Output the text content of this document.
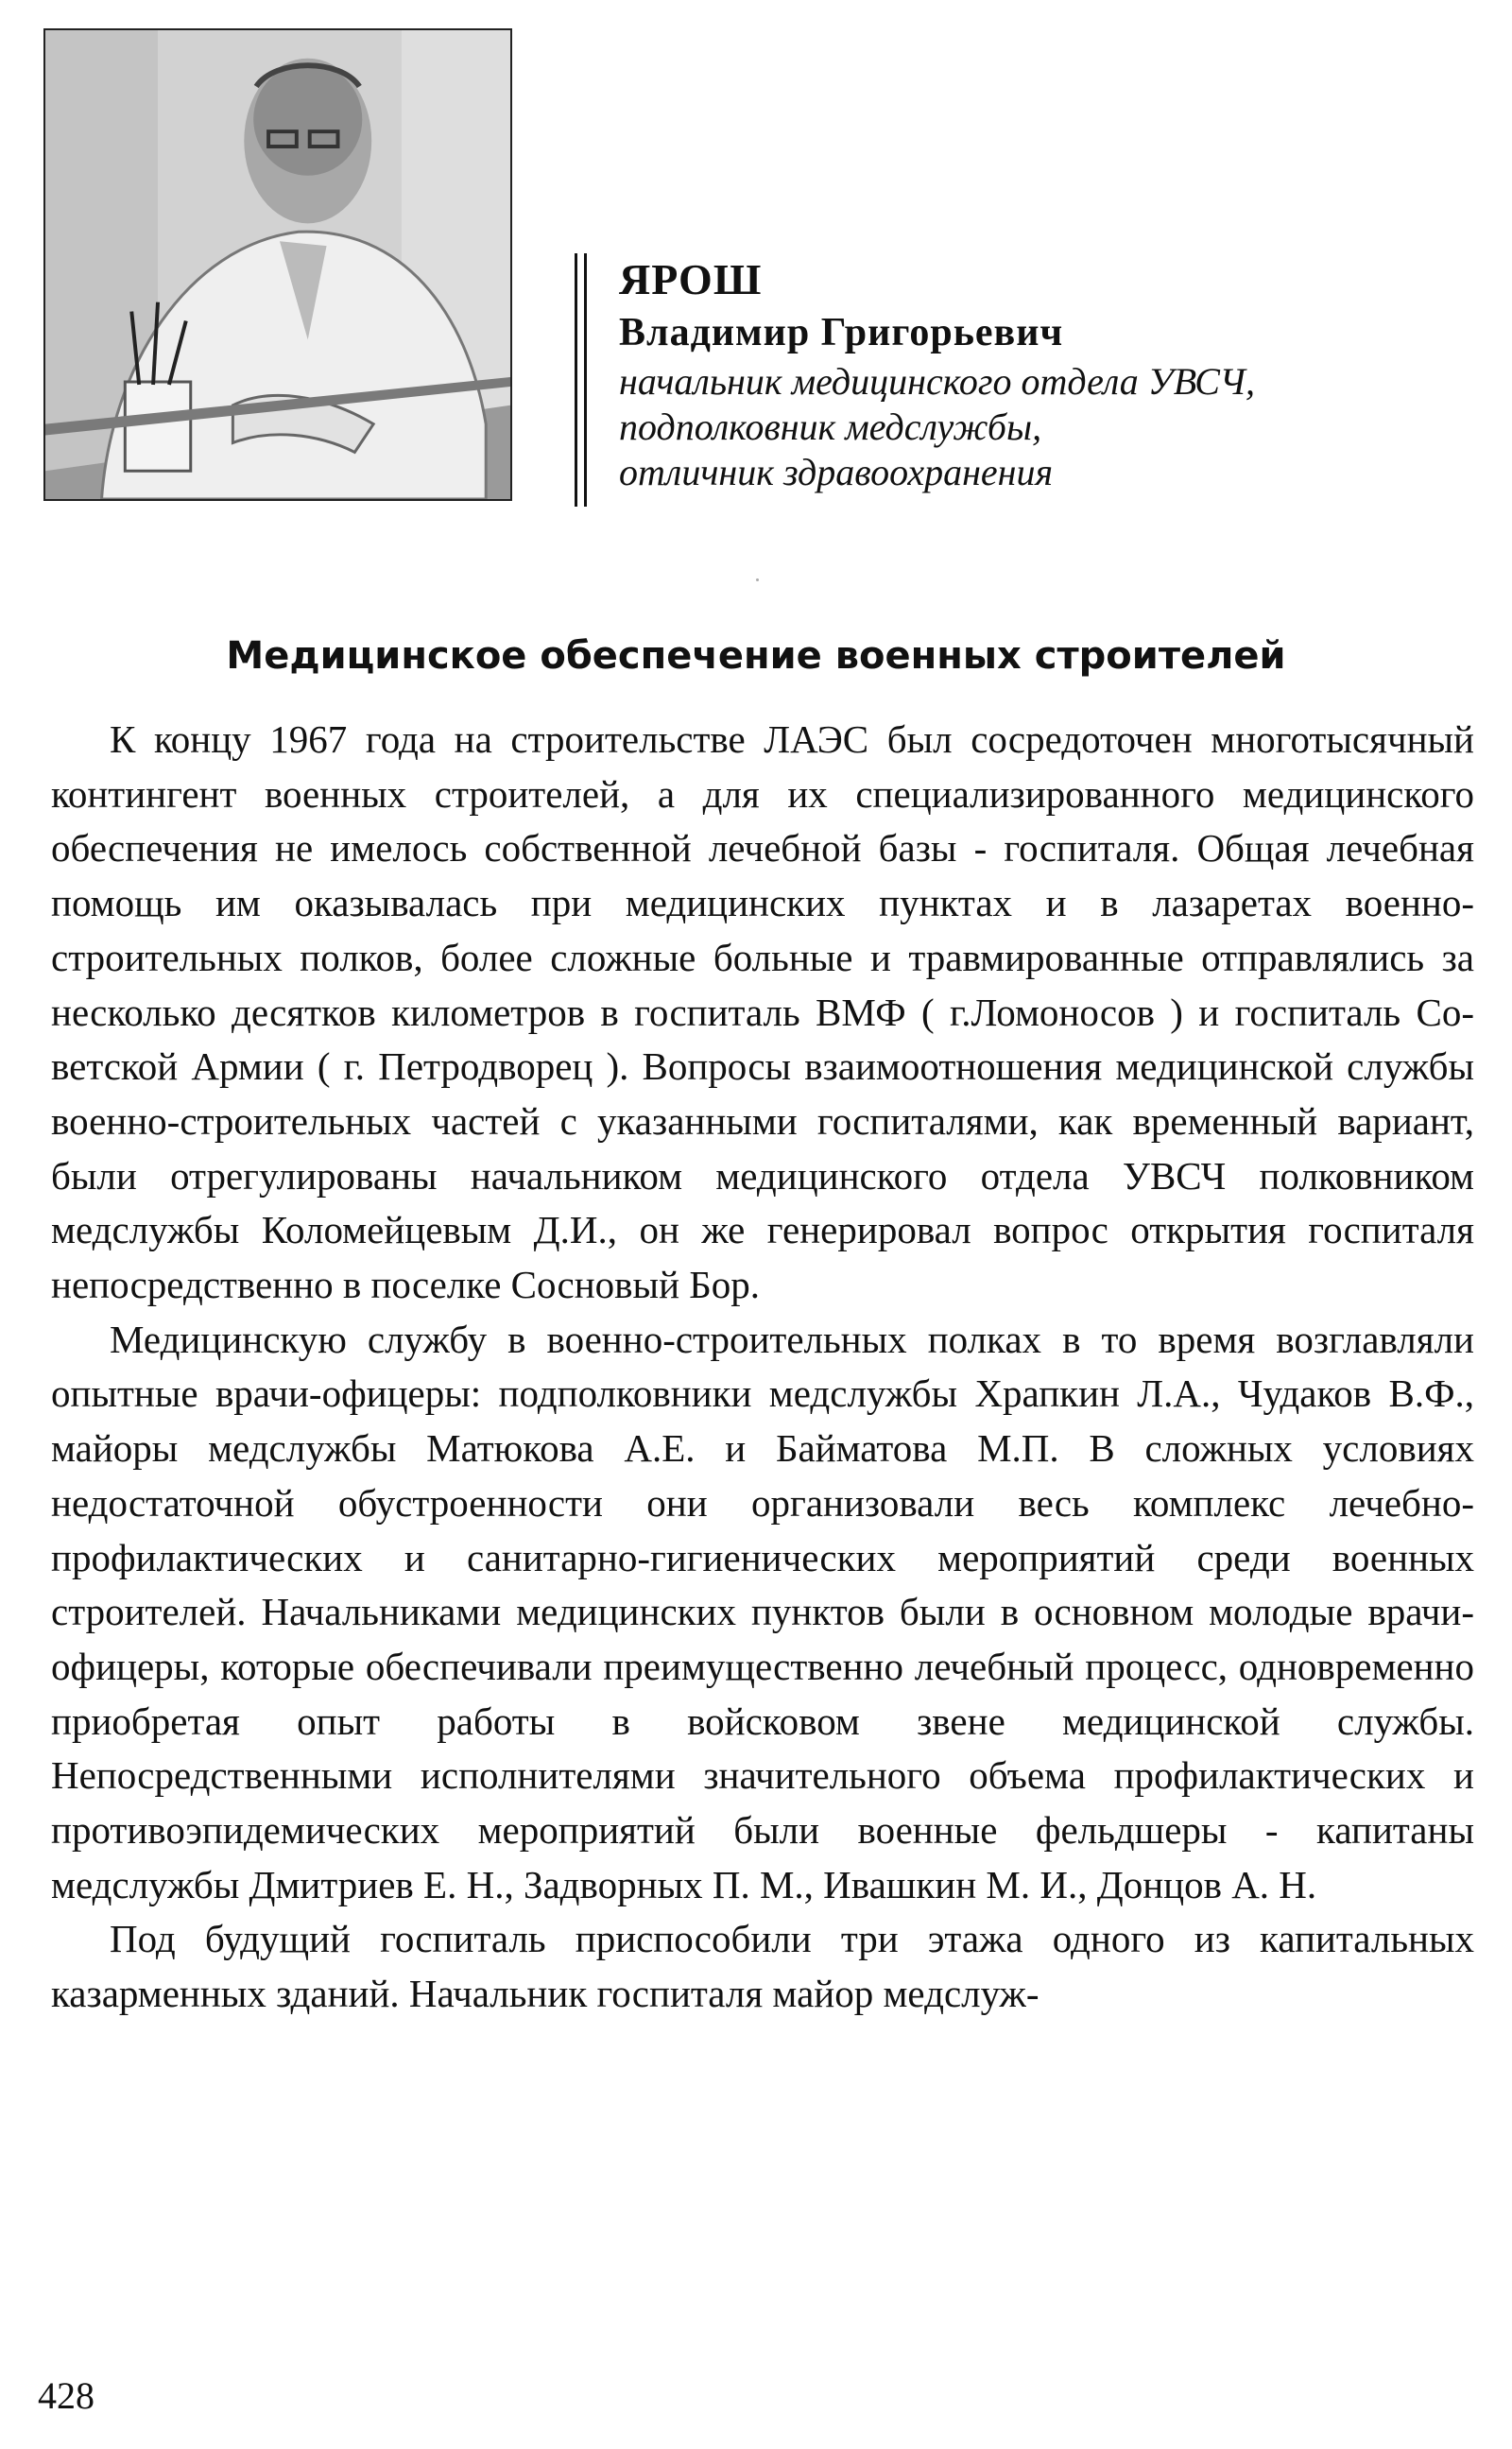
ЯРОШ

Владимир Григорьевич

начальник медицинского отдела УВСЧ,

подполковник медслужбы,

отличник здравоохранения

Медицинское обеспечение военных строителей

К концу 1967 года на строительстве ЛАЭС был сосредоточен многотысячный контингент военных строителей, а для их специализированного медицинского обеспечения не имелось собственной лечебной базы - госпиталя. Общая лечебная помощь им оказывалась при медицинских пунктах и в лазаретах военно-строительных полков, более сложные больные и травмированные отправлялись за несколько десятков километров в госпиталь ВМФ ( г.Ломоносов ) и госпиталь Советской Армии ( г. Петродворец ). Вопросы взаимоотношения медицинской службы военно-строительных частей с указанными госпиталями, как временный вариант, были отрегулированы начальником медицинского отдела УВСЧ полковником медслужбы Коломейцевым Д.И., он же генерировал вопрос открытия госпиталя непосредственно в поселке Сосновый Бор.

Медицинскую службу в военно-строительных полках в то время возглавляли опытные врачи-офицеры: подполковники медслужбы Храпкин Л.А., Чудаков В.Ф., майоры медслужбы Матюкова А.Е. и Байматова М.П. В сложных условиях недостаточной обустроенности они организовали весь комплекс лечебно-профилактических и санитарно-гигиенических мероприятий среди военных строителей. Начальниками медицинских пунктов были в основном молодые врачи-офицеры, которые обеспечивали преимущественно лечебный процесс, одновременно приобретая опыт работы в войсковом звене медицинской службы. Непосредственными исполнителями значительного объема профилактических и противоэпидемических мероприятий были военные фельдшеры - капитаны медслужбы Дмитриев Е. Н., Задворных П. М., Ивашкин М. И., Донцов А. Н.

Под будущий госпиталь приспособили три этажа одного из капитальных казарменных зданий. Начальник госпиталя майор медслуж-

428
